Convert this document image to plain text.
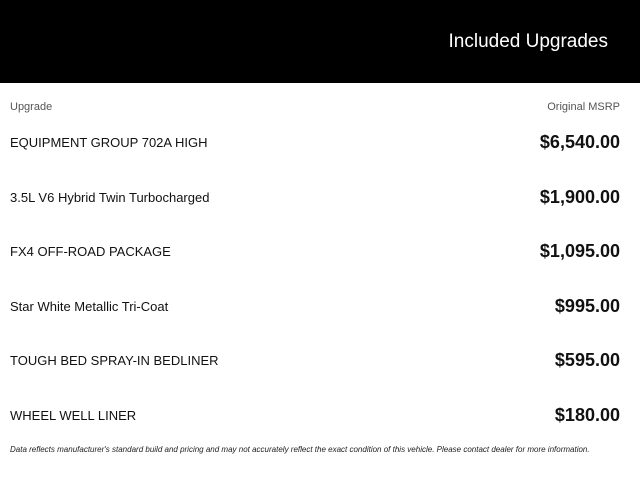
Included Upgrades
Upgrade	Original MSRP
EQUIPMENT GROUP 702A HIGH	$6,540.00
3.5L V6 Hybrid Twin Turbocharged	$1,900.00
FX4 OFF-ROAD PACKAGE	$1,095.00
Star White Metallic Tri-Coat	$995.00
TOUGH BED SPRAY-IN BEDLINER	$595.00
WHEEL WELL LINER	$180.00
Data reflects manufacturer's standard build and pricing and may not accurately reflect the exact condition of this vehicle. Please contact dealer for more information.
